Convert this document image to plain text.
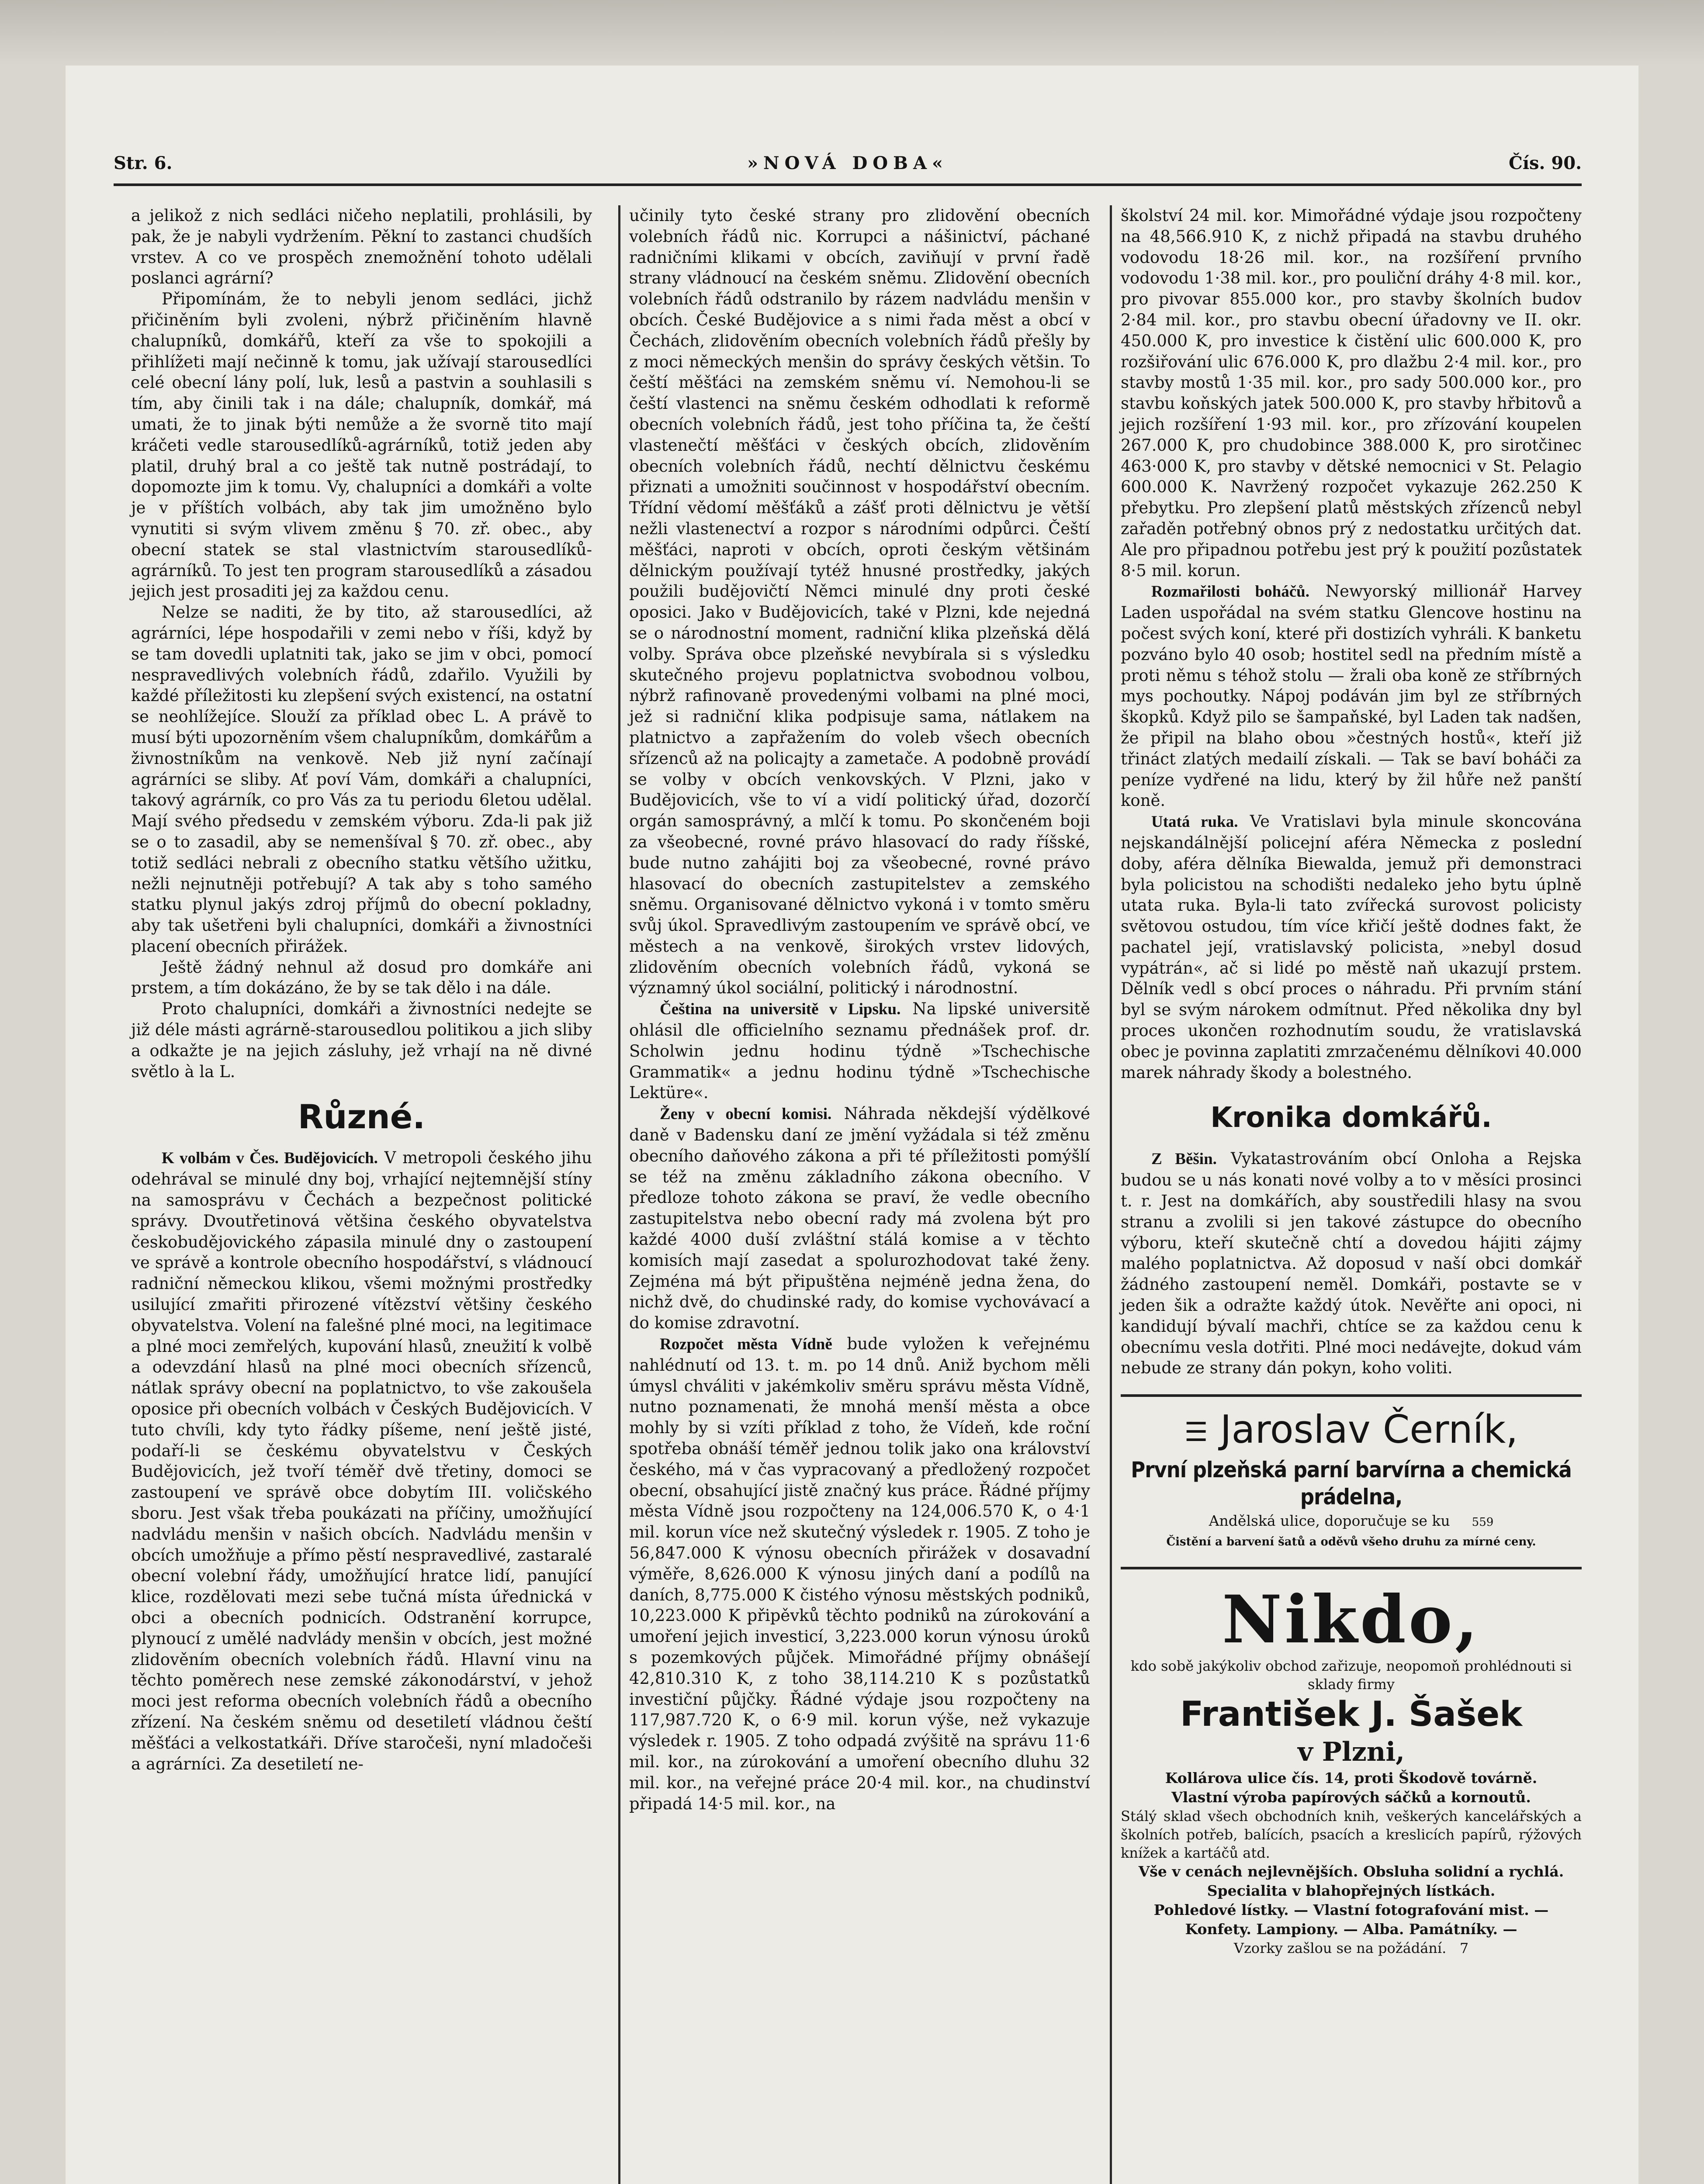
Str. 6.	»NOVÁ DOBA«	Čís. 90.

a jelikož z nich sedláci ničeho neplatili, prohlásili, by pak, že je nabyli vydržením. Pěkní to zastanci chudších vrstev. A co ve prospěch znemožnění tohoto udělali poslanci agrární?

Připomínám, že to nebyli jenom sedláci, jichž přičiněním byli zvoleni, nýbrž přičiněním hlavně chalupníků, domkářů, kteří za vše to spokojili a přihlížeti mají nečinně k tomu, jak užívají starousedlíci celé obecní lány polí, luk, lesů a pastvin a souhlasili s tím, aby činili tak i na dále; chalupník, domkář, má umati, že to jinak býti nemůže a že svorně tito mají kráčeti vedle starousedlíků-agrárníků, totiž jeden aby platil, druhý bral a co ještě tak nutně postrádají, to dopomozte jim k tomu. Vy, chalupníci a domkáři a volte je v příštích volbách, aby tak jim umožněno bylo vynutiti si svým vlivem změnu § 70. zř. obec., aby obecní statek se stal vlastnictvím starousedlíků-agrárníků. To jest ten program starousedlíků a zásadou jejich jest prosaditi jej za každou cenu.

Nelze se naditi, že by tito, až starousedlíci, až agrárníci, lépe hospodařili v zemi nebo v říši, když by se tam dovedli uplatniti tak, jako se jim v obci, pomocí nespravedlivých volebních řádů, zdařilo. Využili by každé příležitosti ku zlepšení svých existencí, na ostatní se neohlížejíce. Slouží za příklad obec L. A právě to musí býti upozorněním všem chalupníkům, domkářům a živnostníkům na venkově. Neb již nyní začínají agrárníci se sliby. Ať poví Vám, domkáři a chalupníci, takový agrárník, co pro Vás za tu periodu 6letou udělal. Mají svého předsedu v zemském výboru. Zda-li pak již se o to zasadil, aby se nemenšíval § 70. zř. obec., aby totiž sedláci nebrali z obecního statku většího užitku, nežli nejnutněji potřebují? A tak aby s toho samého statku plynul jakýs zdroj příjmů do obecní pokladny, aby tak ušetřeni byli chalupníci, domkáři a živnostníci placení obecních přirážek.

Ještě žádný nehnul až dosud pro domkáře ani prstem, a tím dokázáno, že by se tak dělo i na dále.

Proto chalupníci, domkáři a živnostníci nedejte se již déle másti agrárně-starousedlou politikou a jich sliby a odkažte je na jejich zásluhy, jež vrhají na ně divné světlo à la L.

Různé.

K volbám v Čes. Budějovicích. V metropoli českého jihu odehrával se minulé dny boj, vrhající nejtemnější stíny na samosprávu v Čechách a bezpečnost politické správy. Dvoutřetinová většina českého obyvatelstva českobudějovického zápasila minulé dny o zastoupení ve správě a kontrole obecního hospodářství, s vládnoucí radniční německou klikou, všemi možnými prostředky usilující zmařiti přirozené vítězství většiny českého obyvatelstva. Volení na falešné plné moci, na legitimace a plné moci zemřelých, kupování hlasů, zneužití k volbě a odevzdání hlasů na plné moci obecních sřízenců, nátlak správy obecní na poplatnictvo, to vše zakoušela oposice při obecních volbách v Českých Budějovicích. V tuto chvíli, kdy tyto řádky píšeme, není ještě jisté, podaří-li se českému obyvatelstvu v Českých Budějovicích, jež tvoří téměř dvě třetiny, domoci se zastoupení ve správě obce dobytím III. voličského sboru. Jest však třeba poukázati na příčiny, umožňující nadvládu menšin v našich obcích. Nadvládu menšin v obcích umožňuje a přímo pěstí nespravedlivé, zastaralé obecní volební řády, umožňující hratce lidí, panující klice, rozdělovati mezi sebe tučná místa úřednická v obci a obecních podnicích. Odstranění korrupce, plynoucí z umělé nadvlády menšin v obcích, jest možné zlidověním obecních volebních řádů. Hlavní vinu na těchto poměrech nese zemské zákonodárství, v jehož moci jest reforma obecních volebních řádů a obecního zřízení. Na českém sněmu od desetiletí vládnou čeští měšťáci a velkostatkáři. Dříve staročeši, nyní mladočeši a agrárníci. Za desetiletí ne-

učinily tyto české strany pro zlidovění obecních volebních řádů nic. Korrupci a nášinictví, páchané radničními klikami v obcích, zaviňují v první řadě strany vládnoucí na českém sněmu. Zlidovění obecních volebních řádů odstranilo by rázem nadvládu menšin v obcích. České Budějovice a s nimi řada měst a obcí v Čechách, zlidověním obecních volebních řádů přešly by z moci německých menšin do správy českých většin. To čeští měšťáci na zemském sněmu ví. Nemohou-li se čeští vlastenci na sněmu českém odhodlati k reformě obecních volebních řádů, jest toho příčina ta, že čeští vlastenečtí měšťáci v českých obcích, zlidověním obecních volebních řádů, nechtí dělnictvu českému přiznati a umožniti součinnost v hospodářství obecním. Třídní vědomí měšťáků a zášť proti dělnictvu je větší nežli vlastenectví a rozpor s národními odpůrci. Čeští měšťáci, naproti v obcích, oproti českým většinám dělnickým používají tytéž hnusné prostředky, jakých použili budějovičtí Němci minulé dny proti české oposici. Jako v Budějovicích, také v Plzni, kde nejedná se o národnostní moment, radniční klika plzeňská dělá volby. Správa obce plzeňské nevybírala si s výsledku skutečného projevu poplatnictva svobodnou volbou, nýbrž rafinovaně provedenými volbami na plné moci, jež si radniční klika podpisuje sama, nátlakem na platnictvo a zapřažením do voleb všech obecních sřízenců až na policajty a zametače. A podobně provádí se volby v obcích venkovských. V Plzni, jako v Budějovicích, vše to ví a vidí politický úřad, dozorčí orgán samosprávný, a mlčí k tomu. Po skončeném boji za všeobecné, rovné právo hlasovací do rady říšské, bude nutno zahájiti boj za všeobecné, rovné právo hlasovací do obecních zastupitelstev a zemského sněmu. Organisované dělnictvo vykoná i v tomto směru svůj úkol. Spravedlivým zastoupením ve správě obcí, ve městech a na venkově, širokých vrstev lidových, zlidověním obecních volebních řádů, vykoná se významný úkol sociální, politický i národnostní.

Čeština na universitě v Lipsku. Na lipské universitě ohlásil dle officielního seznamu přednášek prof. dr. Scholwin jednu hodinu týdně »Tschechische Grammatik« a jednu hodinu týdně »Tschechische Lektüre«.

Ženy v obecní komisi. Náhrada někdejší výdělkové daně v Badensku daní ze jmění vyžádala si též změnu obecního daňového zákona a při té příležitosti pomýšlí se též na změnu základního zákona obecního. V předloze tohoto zákona se praví, že vedle obecního zastupitelstva nebo obecní rady má zvolena být pro každé 4000 duší zvláštní stálá komise a v těchto komisích mají zasedat a spolurozhodovat také ženy. Zejména má být připuštěna nejméně jedna žena, do nichž dvě, do chudinské rady, do komise vychovávací a do komise zdravotní.

Rozpočet města Vídně bude vyložen k veřejnému nahlédnutí od 13. t. m. po 14 dnů. Aniž bychom měli úmysl chváliti v jakémkoliv směru správu města Vídně, nutno poznamenati, že mnohá menší města a obce mohly by si vzíti příklad z toho, že Vídeň, kde roční spotřeba obnáší téměř jednou tolik jako ona království českého, má v čas vypracovaný a předložený rozpočet obecní, obsahující jistě značný kus práce. Řádné příjmy města Vídně jsou rozpočteny na 124,006.570 K, o 4·1 mil. korun více než skutečný výsledek r. 1905. Z toho je 56,847.000 K výnosu obecních přirážek v dosavadní výměře, 8,626.000 K výnosu jiných daní a podílů na daních, 8,775.000 K čistého výnosu městských podniků, 10,223.000 K připěvků těchto podniků na zúrokování a umoření jejich investicí, 3,223.000 korun výnosu úroků s pozemkových půjček. Mimořádné příjmy obnášejí 42,810.310 K, z toho 38,114.210 K s pozůstatků investiční půjčky. Řádné výdaje jsou rozpočteny na 117,987.720 K, o 6·9 mil. korun výše, než vykazuje výsledek r. 1905. Z toho odpadá zvýšitě na správu 11·6 mil. kor., na zúrokování a umoření obecního dluhu 32 mil. kor., na veřejné práce 20·4 mil. kor., na chudinství připadá 14·5 mil. kor., na

školství 24 mil. kor. Mimořádné výdaje jsou rozpočteny na 48,566.910 K, z nichž připadá na stavbu druhého vodovodu 18·26 mil. kor., na rozšíření prvního vodovodu 1·38 mil. kor., pro pouliční dráhy 4·8 mil. kor., pro pivovar 855.000 kor., pro stavby školních budov 2·84 mil. kor., pro stavbu obecní úřadovny ve II. okr. 450.000 K, pro investice k čistění ulic 600.000 K, pro rozšiřování ulic 676.000 K, pro dlažbu 2·4 mil. kor., pro stavby mostů 1·35 mil. kor., pro sady 500.000 kor., pro stavbu koňských jatek 500.000 K, pro stavby hřbitovů a jejich rozšíření 1·93 mil. kor., pro zřízování koupelen 267.000 K, pro chudobince 388.000 K, pro sirotčinec 463·000 K, pro stavby v dětské nemocnici v St. Pelagio 600.000 K. Navržený rozpočet vykazuje 262.250 K přebytku. Pro zlepšení platů městských zřízenců nebyl zařaděn potřebný obnos prý z nedostatku určitých dat. Ale pro připadnou potřebu jest prý k použití pozůstatek 8·5 mil. korun.

Rozmařilosti boháčů. Newyorský millionář Harvey Laden uspořádal na svém statku Glencove hostinu na počest svých koní, které při dostizích vyhráli. K banketu pozváno bylo 40 osob; hostitel sedl na předním místě a proti němu s téhož stolu — žrali oba koně ze stříbrných mys pochoutky. Nápoj podáván jim byl ze stříbrných škopků. Když pilo se šampaňské, byl Laden tak nadšen, že připil na blaho obou »čestných hostů«, kteří již třináct zlatých medailí získali. — Tak se baví boháči za peníze vydřené na lidu, který by žil hůře než panští koně.

Utatá ruka. Ve Vratislavi byla minule skoncována nejskandálnější policejní aféra Německa z poslední doby, aféra dělníka Biewalda, jemuž při demonstraci byla policistou na schodišti nedaleko jeho bytu úplně utata ruka. Byla-li tato zvířecká surovost policisty světovou ostudou, tím více křičí ještě dodnes fakt, že pachatel její, vratislavský policista, »nebyl dosud vypátrán«, ač si lidé po městě naň ukazují prstem. Dělník vedl s obcí proces o náhradu. Při prvním stání byl se svým nárokem odmítnut. Před několika dny byl proces ukončen rozhodnutím soudu, že vratislavská obec je povinna zaplatiti zmrzačenému dělníkovi 40.000 marek náhrady škody a bolestného.

Kronika domkářů.

Z Běšin. Vykatastrováním obcí Onloha a Rejska budou se u nás konati nové volby a to v měsíci prosinci t. r. Jest na domkářích, aby soustředili hlasy na svou stranu a zvolili si jen takové zástupce do obecního výboru, kteří skutečně chtí a dovedou hájiti zájmy malého poplatnictva. Až doposud v naší obci domkář žádného zastoupení neměl. Domkáři, postavte se v jeden šik a odražte každý útok. Nevěřte ani opoci, ni kandidují bývalí machři, chtíce se za každou cenu k obecnímu vesla dotřiti. Plné moci nedávejte, dokud vám nebude ze strany dán pokyn, koho voliti.

☰ Jaroslav Černík,
První plzeňská parní barvírna a chemická prádelna,
Andělská ulice, doporučuje se ku 559
Čistění a barvení šatů a oděvů všeho druhu za mírné ceny.
Nikdo,
kdo sobě jakýkoliv obchod zařizuje, neopomoň prohlédnouti si sklady firmy
František J. Šašek
v Plzni,
Kollárova ulice čís. 14, proti Škodově továrně.
Vlastní výroba papírových sáčků a kornoutů.
Stálý sklad všech obchodních knih, veškerých kancelářských a školních potřeb, balících, psacích a kreslicích papírů, rýžových knížek a kartáčů atd.
Vše v cenách nejlevnějších. Obsluha solidní a rychlá.
Specialita v blahopřejných lístkách.
Pohledové lístky. — Vlastní fotografování mist. — Konfety. Lampiony. — Alba. Památníky. —
Vzorky zašlou se na požádání. 7
